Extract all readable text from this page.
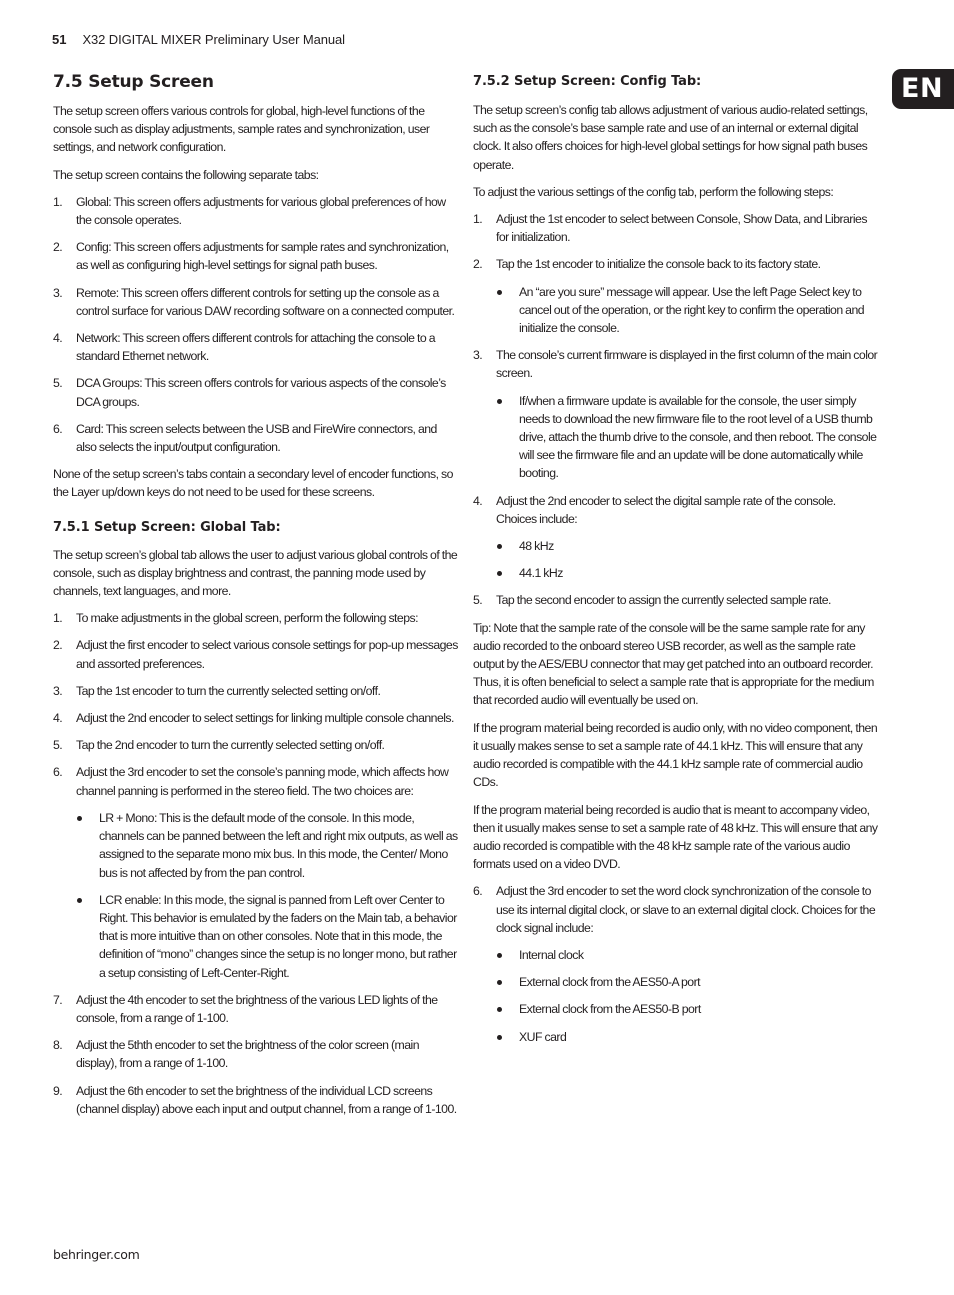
51 X32 DIGITAL MIXER Preliminary User Manual
EN
7.5 Setup Screen

The setup screen offers various controls for global, high-level functions of the console such as display adjustments, sample rates and synchronization, user settings, and network configuration.

The setup screen contains the following separate tabs:

1. Global: This screen offers adjustments for various global preferences of how the console operates.
2. Config: This screen offers adjustments for sample rates and synchronization, as well as configuring high-level settings for signal path buses.
3. Remote: This screen offers different controls for setting up the console as a control surface for various DAW recording software on a connected computer.
4. Network: This screen offers different controls for attaching the console to a standard Ethernet network.
5. DCA Groups: This screen offers controls for various aspects of the console’s DCA groups.
6. Card: This screen selects between the USB and FireWire connectors, and also selects the input/output configuration.

None of the setup screen’s tabs contain a secondary level of encoder functions, so the Layer up/down keys do not need to be used for these screens.

7.5.1 Setup Screen: Global Tab:

The setup screen’s global tab allows the user to adjust various global controls of the console, such as display brightness and contrast, the panning mode used by channels, text languages, and more.

1. To make adjustments in the global screen, perform the following steps:
2. Adjust the first encoder to select various console settings for pop-up messages and assorted preferences.
3. Tap the 1st encoder to turn the currently selected setting on/off.
4. Adjust the 2nd encoder to select settings for linking multiple console channels.
5. Tap the 2nd encoder to turn the currently selected setting on/off.
6. Adjust the 3rd encoder to set the console’s panning mode, which affects how channel panning is performed in the stereo field. The two choices are:
LR + Mono: This is the default mode of the console. In this mode, channels can be panned between the left and right mix outputs, as well as assigned to the separate mono mix bus. In this mode, the Center/ Mono bus is not affected by from the pan control.
LCR enable: In this mode, the signal is panned from Left over Center to Right. This behavior is emulated by the faders on the Main tab, a behavior that is more intuitive than on other consoles. Note that in this mode, the definition of “mono” changes since the setup is no longer mono, but rather a setup consisting of Left-Center-Right.
7. Adjust the 4th encoder to set the brightness of the various LED lights of the console, from a range of 1-100.
8. Adjust the 5thth encoder to set the brightness of the color screen (main display), from a range of 1-100.
9. Adjust the 6th encoder to set the brightness of the individual LCD screens (channel display) above each input and output channel, from a range of 1-100.
7.5.2 Setup Screen: Config Tab:

The setup screen’s config tab allows adjustment of various audio-related settings, such as the console’s base sample rate and use of an internal or external digital clock. It also offers choices for high-level global settings for how signal path buses operate.

To adjust the various settings of the config tab, perform the following steps:

1. Adjust the 1st encoder to select between Console, Show Data, and Libraries for initialization.
2. Tap the 1st encoder to initialize the console back to its factory state.
An “are you sure” message will appear. Use the left Page Select key to cancel out of the operation, or the right key to confirm the operation and initialize the console.
3. The console’s current firmware is displayed in the first column of the main color screen.
If/when a firmware update is available for the console, the user simply needs to download the new firmware file to the root level of a USB thumb drive, attach the thumb drive to the console, and then reboot. The console will see the firmware file and an update will be done automatically while booting.
4. Adjust the 2nd encoder to select the digital sample rate of the console. Choices include:
48 kHz
44.1 kHz
5. Tap the second encoder to assign the currently selected sample rate.

Tip: Note that the sample rate of the console will be the same sample rate for any audio recorded to the onboard stereo USB recorder, as well as the sample rate output by the AES/EBU connector that may get patched into an outboard recorder. Thus, it is often beneficial to select a sample rate that is appropriate for the medium that recorded audio will eventually be used on.

If the program material being recorded is audio only, with no video component, then it usually makes sense to set a sample rate of 44.1 kHz. This will ensure that any audio recorded is compatible with the 44.1 kHz sample rate of commercial audio CDs.

If the program material being recorded is audio that is meant to accompany video, then it usually makes sense to set a sample rate of 48 kHz. This will ensure that any audio recorded is compatible with the 48 kHz sample rate of the various audio formats used on a video DVD.

6. Adjust the 3rd encoder to set the word clock synchronization of the console to use its internal digital clock, or slave to an external digital clock. Choices for the clock signal include:
Internal clock
External clock from the AES50-A port
External clock from the AES50-B port
XUF card
behringer.com
